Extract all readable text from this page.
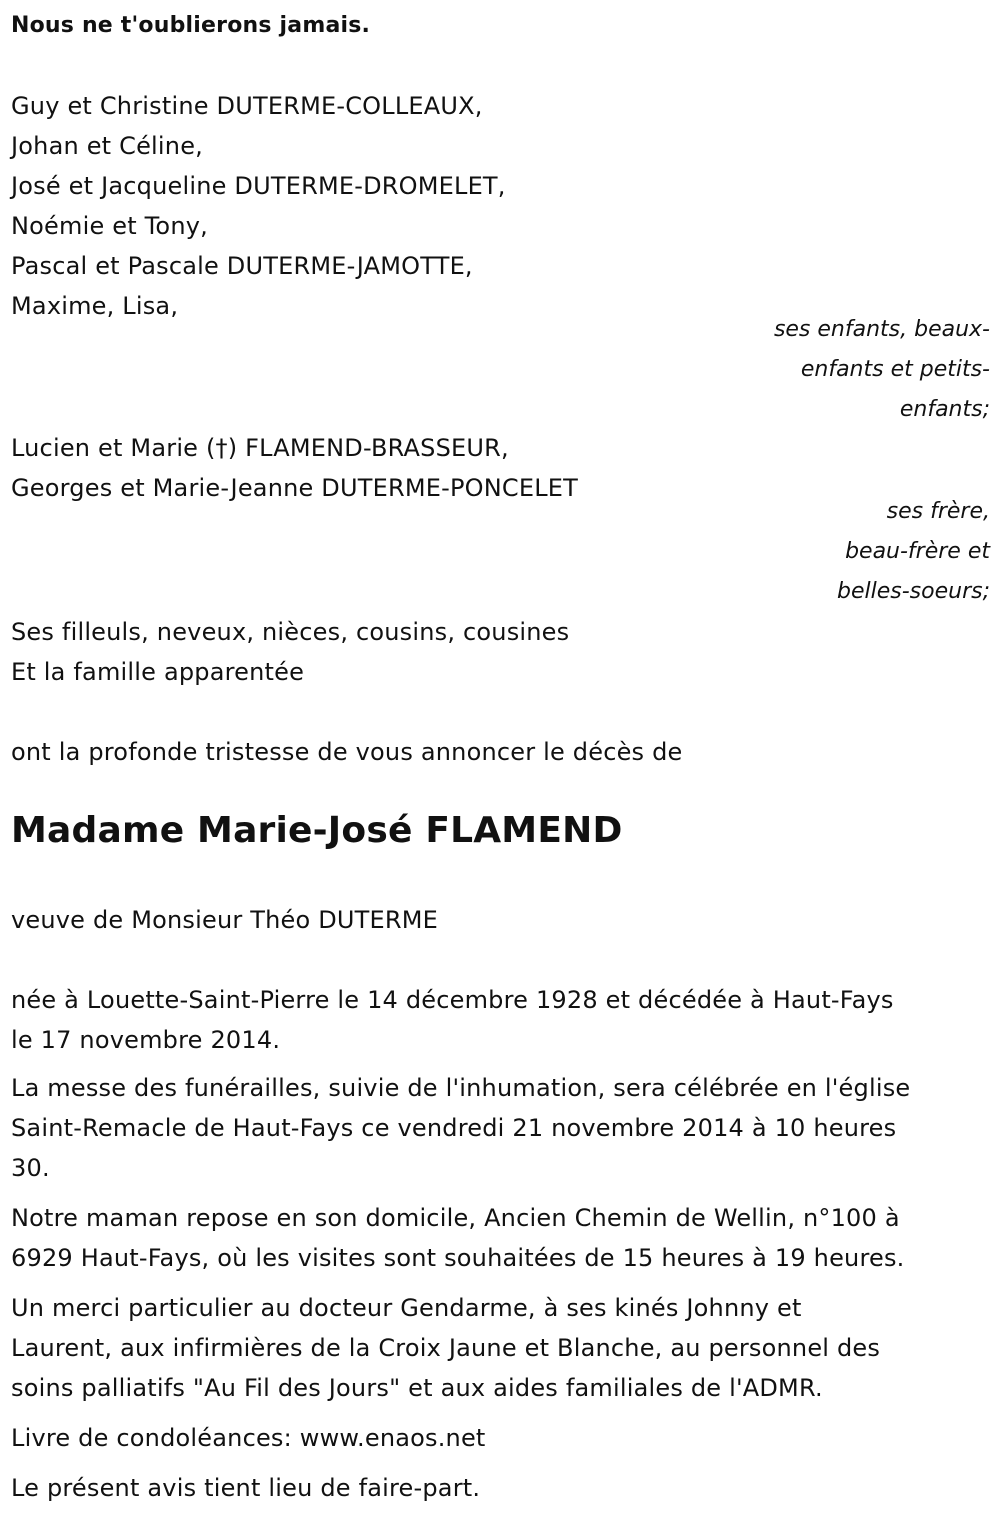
Nous ne t'oublierons jamais.
Guy et Christine DUTERME-COLLEAUX,
Johan et Céline,
José et Jacqueline DUTERME-DROMELET,
Noémie et Tony,
Pascal et Pascale DUTERME-JAMOTTE,
Maxime, Lisa,
ses enfants, beaux-
enfants et petits-
enfants;
Lucien et Marie (†) FLAMEND-BRASSEUR,
Georges et Marie-Jeanne DUTERME-PONCELET
ses frère,
beau-frère et
belles-soeurs;
Ses filleuls, neveux, nièces, cousins, cousines
Et la famille apparentée
ont la profonde tristesse de vous annoncer le décès de
Madame Marie-José FLAMEND
veuve de Monsieur Théo DUTERME
née à Louette-Saint-Pierre le 14 décembre 1928 et décédée à Haut-Fays
le 17 novembre 2014.
La messe des funérailles, suivie de l'inhumation, sera célébrée en l'église
Saint-Remacle de Haut-Fays ce vendredi 21 novembre 2014 à 10 heures
30.
Notre maman repose en son domicile, Ancien Chemin de Wellin, n°100 à
6929 Haut-Fays, où les visites sont souhaitées de 15 heures à 19 heures.
Un merci particulier au docteur Gendarme, à ses kinés Johnny et
Laurent, aux infirmières de la Croix Jaune et Blanche, au personnel des
soins palliatifs "Au Fil des Jours" et aux aides familiales de l'ADMR.
Livre de condoléances: www.enaos.net
Le présent avis tient lieu de faire-part.
